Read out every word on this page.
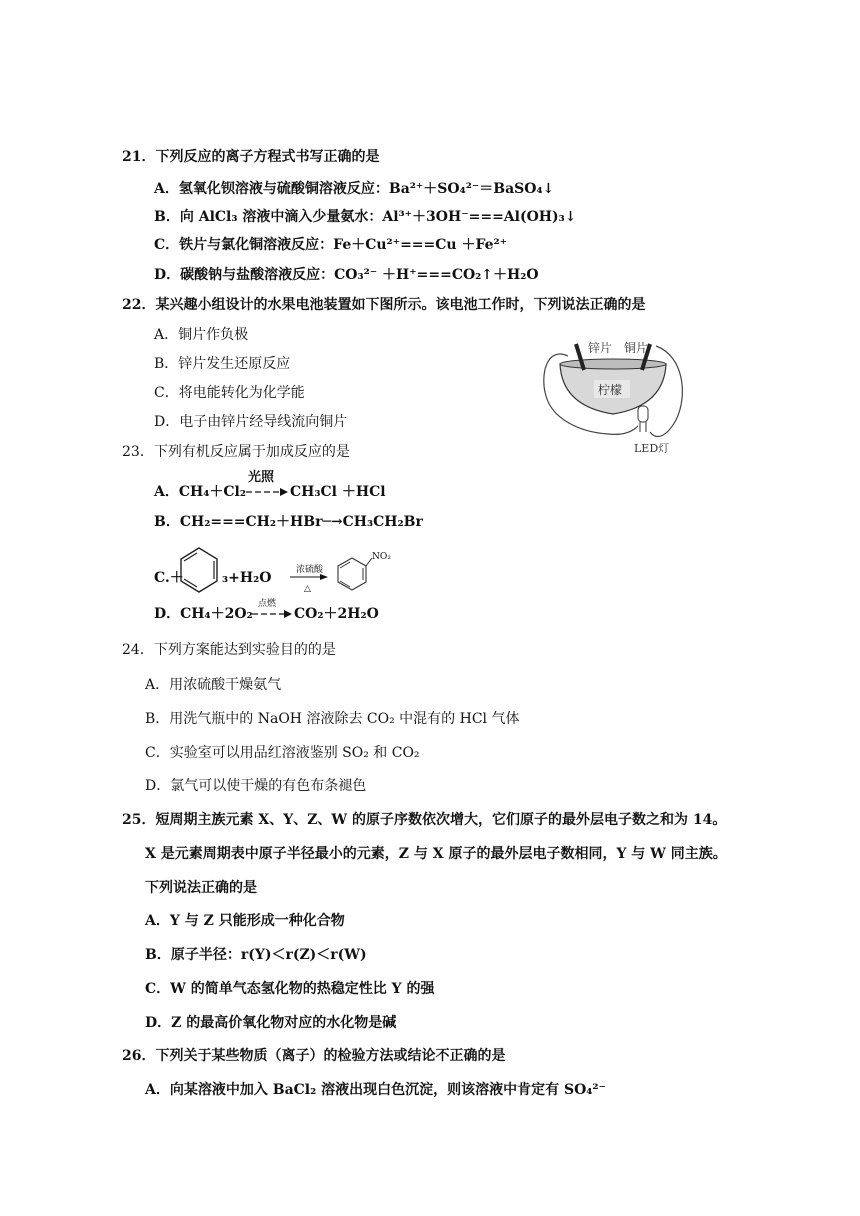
21．下列反应的离子方程式书写正确的是
A．氢氧化钡溶液与硫酸铜溶液反应：Ba²⁺＋SO₄²⁻＝BaSO₄↓
B．向 AlCl₃ 溶液中滴入少量氨水：Al³⁺＋3OH⁻===Al(OH)₃↓
C．铁片与氯化铜溶液反应：Fe＋Cu²⁺===Cu ＋Fe²⁺
D．碳酸钠与盐酸溶液反应：CO₃²⁻ ＋H⁺===CO₂↑＋H₂O
22．某兴趣小组设计的水果电池装置如下图所示。该电池工作时，下列说法正确的是
A．铜片作负极
B．锌片发生还原反应
C．将电能转化为化学能
D．电子由锌片经导线流向铜片
锌片 铜片
柠檬
LED灯
23．下列有机反应属于加成反应的是
A．CH₄＋Cl₂
光照
→ CH₃Cl ＋HCl
B．CH₂===CH₂＋HBr─→CH₃CH₂Br
C.＋	₃+H₂O	浓硫酸
△
NO₂
D．CH₄＋2O₂
点燃
→ CO₂＋2H₂O
24．下列方案能达到实验目的的是
A．用浓硫酸干燥氨气
B．用洗气瓶中的 NaOH 溶液除去 CO₂ 中混有的 HCl 气体
C．实验室可以用品红溶液鉴别 SO₂ 和 CO₂
D．氯气可以使干燥的有色布条褪色
25．短周期主族元素 X、Y、Z、W 的原子序数依次增大，它们原子的最外层电子数之和为 14。
X 是元素周期表中原子半径最小的元素，Z 与 X 原子的最外层电子数相同，Y 与 W 同主族。
下列说法正确的是
A．Y 与 Z 只能形成一种化合物
B．原子半径：r(Y)＜r(Z)＜r(W)
C．W 的简单气态氢化物的热稳定性比 Y 的强
D．Z 的最高价氧化物对应的水化物是碱
26．下列关于某些物质（离子）的检验方法或结论不正确的是
A．向某溶液中加入 BaCl₂ 溶液出现白色沉淀，则该溶液中肯定有 SO₄²⁻
